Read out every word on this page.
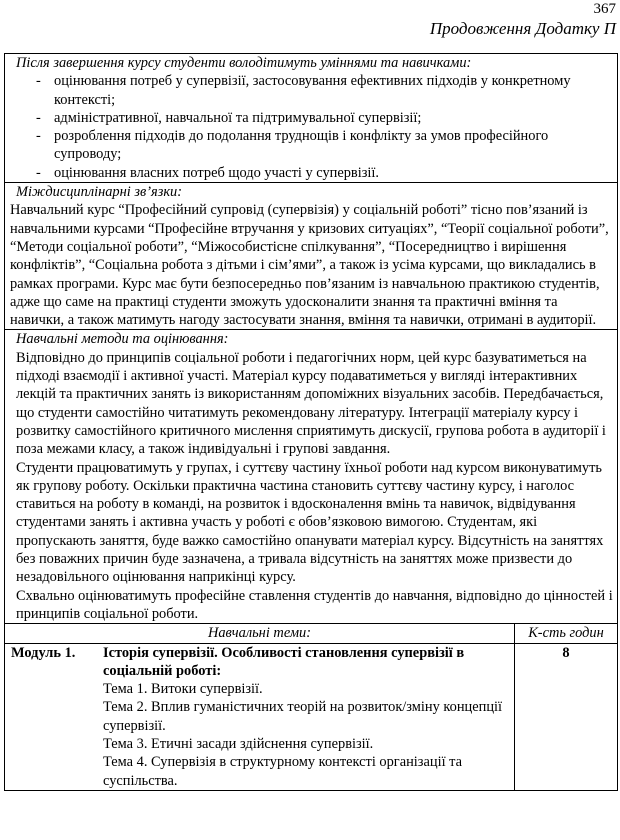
367
Продовження Додатку П
Після завершення курсу студенти володітимуть уміннями та навичками:
- оцінювання потреб у супервізії, застосовування ефективних підходів у конкретному контексті;
- адміністративної, навчальної та підтримувальної супервізії;
- розроблення підходів до подолання труднощів і конфлікту за умов професійного супроводу;
- оцінювання власних потреб щодо участі у супервізії.
Міждисциплінарні зв’язки:
Навчальний курс “Професійний супровід (супервізія) у соціальній роботі” тісно пов’язаний із навчальними курсами “Професійне втручання у кризових ситуаціях”, “Теорії соціальної роботи”, “Методи соціальної роботи”, “Міжособистісне спілкування”, “Посередництво і вирішення конфліктів”, “Соціальна робота з дітьми і сім’ями”, а також із усіма курсами, що викладались в рамках програми. Курс має бути безпосередньо пов’язаним із навчальною практикою студентів, адже що саме на практиці студенти зможуть удосконалити знання та практичні вміння та навички, а також матимуть нагоду застосувати знання, вміння та навички, отримані в аудиторії.
Навчальні методи та оцінювання:
Відповідно до принципів соціальної роботи і педагогічних норм, цей курс базуватиметься на підході взаємодії і активної участі. Матеріал курсу подаватиметься у вигляді інтерактивних лекцій та практичних занять із використанням допоміжних візуальних засобів. Передбачається, що студенти самостійно читатимуть рекомендовану літературу. Інтеграції матеріалу курсу і розвитку самостійного критичного мислення сприятимуть дискусії, групова робота в аудиторії і поза межами класу, а також індивідуальні і групові завдання.
Студенти працюватимуть у групах, і суттєву частину їхньої роботи над курсом виконуватимуть як групову роботу. Оскільки практична частина становить суттєву частину курсу, і наголос ставиться на роботу в команді, на розвиток і вдосконалення вмінь та навичок, відвідування студентами занять і активна участь у роботі є обов’язковою вимогою. Студентам, які пропускають заняття, буде важко самостійно опанувати матеріал курсу. Відсутність на заняттях без поважних причин буде зазначена, а тривала відсутність на заняттях може призвести до незадовільного оцінювання наприкінці курсу.
Схвально оцінюватимуть професійне ставлення студентів до навчання, відповідно до цінностей і принципів соціальної роботи.
Навчальні теми:	К-сть годин
Модуль 1.	Історія супервізії. Особливості становлення супервізії в соціальній роботі:
Тема 1. Витоки супервізії.
Тема 2. Вплив гуманістичних теорій на розвиток/зміну концепції супервізії.
Тема 3. Етичні засади здійснення супервізії.
Тема 4. Супервізія в структурному контексті організації та суспільства.
8
